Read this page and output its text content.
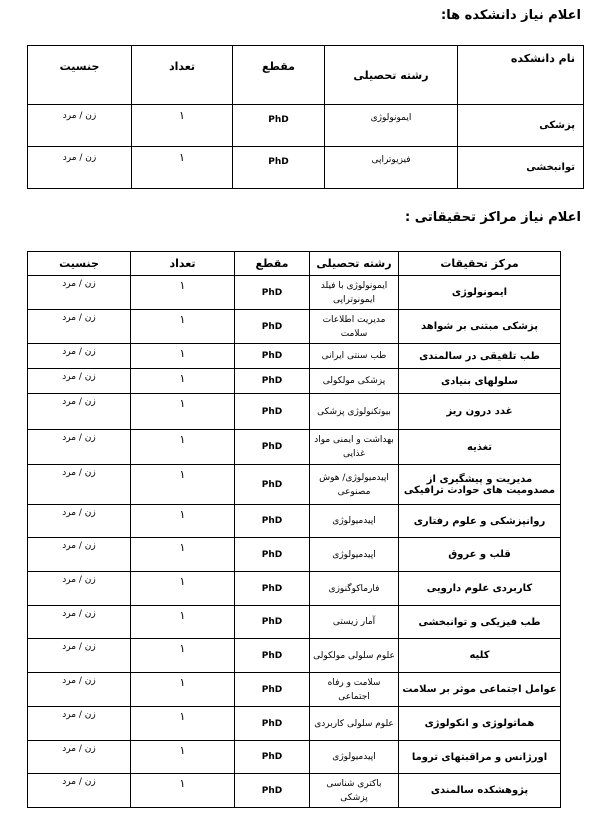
اعلام نیاز دانشکده ها:
نام دانشکده	رشته تحصیلی	مقطع	تعداد	جنسیت
پزشکی	ایمونولوژی	PhD	۱	زن / مرد
توانبخشی	فیزیوتراپی	PhD	۱	زن / مرد
اعلام نیاز مراکز تحقیقاتی :
مرکز تحقیقات	رشته تحصیلی	مقطع	تعداد	جنسیت
ایمونولوژی	ایمونولوژی با فیلد ایمونوتراپی	PhD	۱	زن / مرد
پزشکی مبتنی بر شواهد	مدیریت اطلاعات سلامت	PhD	۱	زن / مرد
طب تلفیقی در سالمندی	طب سنتی ایرانی	PhD	۱	زن / مرد
سلولهای بنیادی	پزشکی مولکولی	PhD	۱	زن / مرد
غدد درون ریز	بیوتکنولوژی پزشکی	PhD	۱	زن / مرد
تغذیه	بهداشت و ایمنی مواد غذایی	PhD	۱	زن / مرد
مدیریت و پیشگیری از مصدومیت های حوادث ترافیکی	اپیدمیولوژی/ هوش مصنوعی	PhD	۱	زن / مرد
روانپزشکی و علوم رفتاری	اپیدمیولوژی	PhD	۱	زن / مرد
قلب و عروق	اپیدمیولوژی	PhD	۱	زن / مرد
کاربردی علوم دارویی	فارماکوگنوزی	PhD	۱	زن / مرد
طب فیزیکی و توانبخشی	آمار زیستی	PhD	۱	زن / مرد
کلیه	علوم سلولی مولکولی	PhD	۱	زن / مرد
عوامل اجتماعی موثر بر سلامت	سلامت و رفاه اجتماعی	PhD	۱	زن / مرد
هماتولوژی و انکولوژی	علوم سلولی کاربردی	PhD	۱	زن / مرد
اورژانس و مراقبتهای تروما	اپیدمیولوژی	PhD	۱	زن / مرد
پژوهشکده سالمندی	باکتری شناسی پزشکی	PhD	۱	زن / مرد
